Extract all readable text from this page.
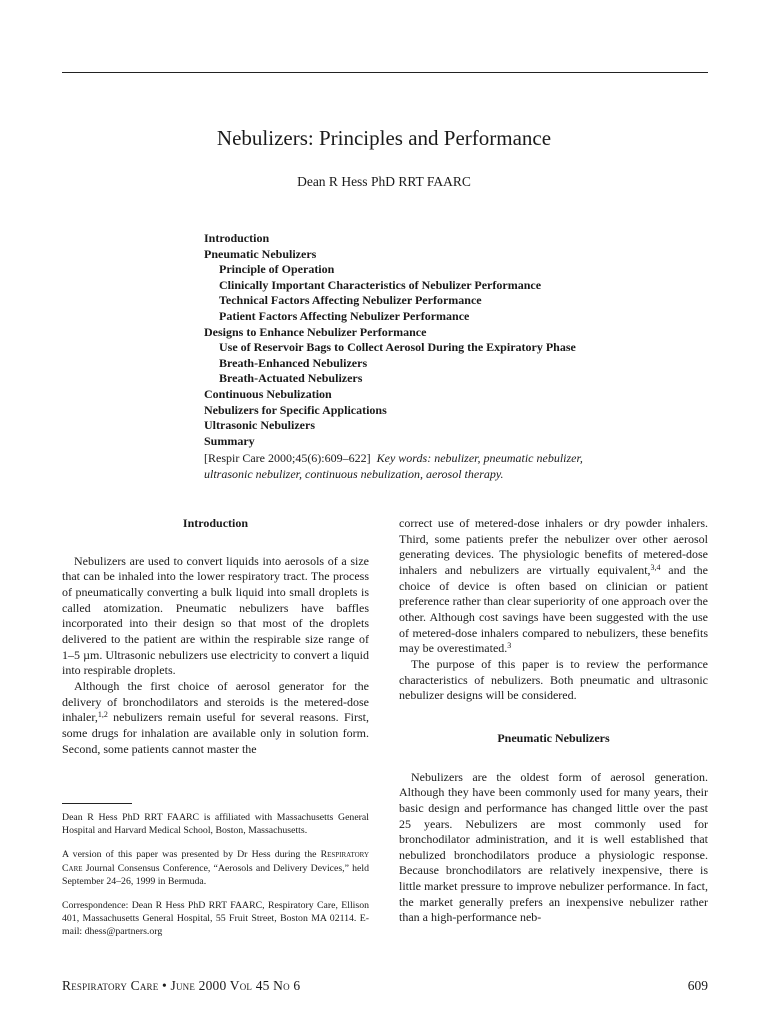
Nebulizers: Principles and Performance
Dean R Hess PhD RRT FAARC
Introduction
Pneumatic Nebulizers
Principle of Operation
Clinically Important Characteristics of Nebulizer Performance
Technical Factors Affecting Nebulizer Performance
Patient Factors Affecting Nebulizer Performance
Designs to Enhance Nebulizer Performance
Use of Reservoir Bags to Collect Aerosol During the Expiratory Phase
Breath-Enhanced Nebulizers
Breath-Actuated Nebulizers
Continuous Nebulization
Nebulizers for Specific Applications
Ultrasonic Nebulizers
Summary
[Respir Care 2000;45(6):609–622] Key words: nebulizer, pneumatic nebulizer, ultrasonic nebulizer, continuous nebulization, aerosol therapy.
Introduction

Nebulizers are used to convert liquids into aerosols of a size that can be inhaled into the lower respiratory tract. The process of pneumatically converting a bulk liquid into small droplets is called atomization. Pneumatic nebulizers have baffles incorporated into their design so that most of the droplets delivered to the patient are within the respirable size range of 1–5 µm. Ultrasonic nebulizers use electricity to convert a liquid into respirable droplets.

Although the first choice of aerosol generator for the delivery of bronchodilators and steroids is the metered-dose inhaler,$^{1,2}$ nebulizers remain useful for several reasons. First, some drugs for inhalation are available only in solution form. Second, some patients cannot master the

correct use of metered-dose inhalers or dry powder inhalers. Third, some patients prefer the nebulizer over other aerosol generating devices. The physiologic benefits of metered-dose inhalers and nebulizers are virtually equivalent,$^{3,4}$ and the choice of device is often based on clinician or patient preference rather than clear superiority of one approach over the other. Although cost savings have been suggested with the use of metered-dose inhalers compared to nebulizers, these benefits may be overestimated.$^3$

The purpose of this paper is to review the performance characteristics of nebulizers. Both pneumatic and ultrasonic nebulizer designs will be considered.

Pneumatic Nebulizers

Nebulizers are the oldest form of aerosol generation. Although they have been commonly used for many years, their basic design and performance has changed little over the past 25 years. Nebulizers are most commonly used for bronchodilator administration, and it is well established that nebulized bronchodilators produce a physiologic response. Because bronchodilators are relatively inexpensive, there is little market pressure to improve nebulizer performance. In fact, the market generally prefers an inexpensive nebulizer rather than a high-performance neb-

Dean R Hess PhD RRT FAARC is affiliated with Massachusetts General Hospital and Harvard Medical School, Boston, Massachusetts.

A version of this paper was presented by Dr Hess during the Respiratory Care Journal Consensus Conference, “Aerosols and Delivery Devices,” held September 24–26, 1999 in Bermuda.

Correspondence: Dean R Hess PhD RRT FAARC, Respiratory Care, Ellison 401, Massachusetts General Hospital, 55 Fruit Street, Boston MA 02114. E-mail: dhess@partners.org

Respiratory Care • June 2000 Vol 45 No 6	609
